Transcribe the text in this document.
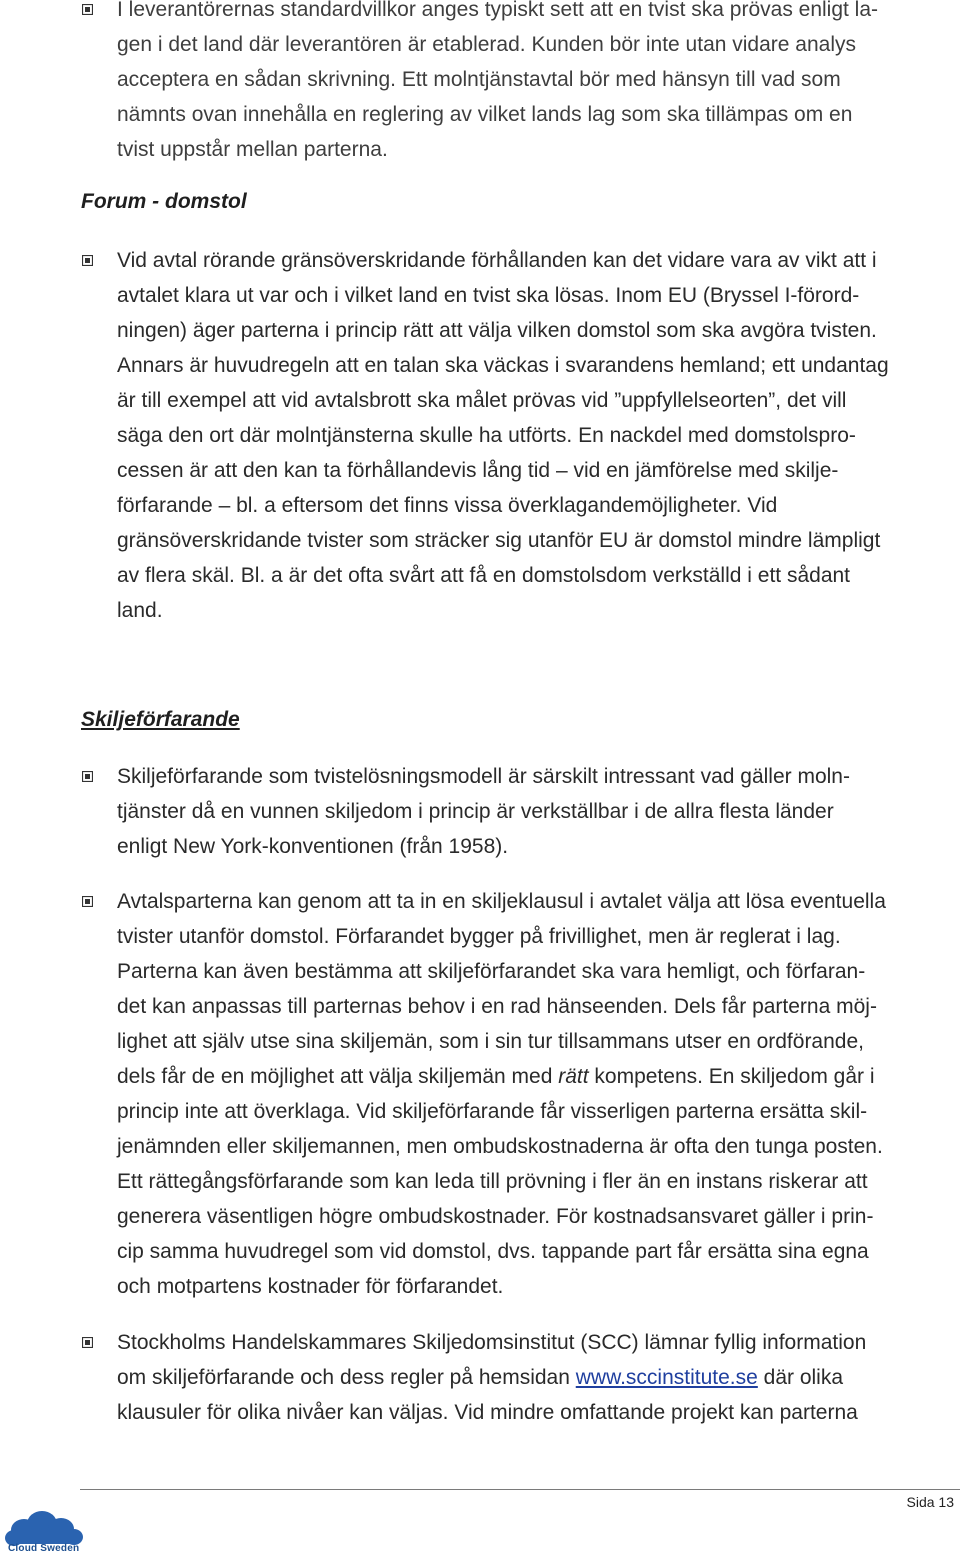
I leverantörernas standardvillkor anges typiskt sett att en tvist ska prövas enligt la-
gen i det land där leverantören är etablerad. Kunden bör inte utan vidare analys
acceptera en sådan skrivning. Ett molntjänstavtal bör med hänsyn till vad som
nämnts ovan innehålla en reglering av vilket lands lag som ska tillämpas om en
tvist uppstår mellan parterna.
Forum - domstol
Vid avtal rörande gränsöverskridande förhållanden kan det vidare vara av vikt att i
avtalet klara ut var och i vilket land en tvist ska lösas. Inom EU (Bryssel I-förord-
ningen) äger parterna i princip rätt att välja vilken domstol som ska avgöra tvisten.
Annars är huvudregeln att en talan ska väckas i svarandens hemland; ett undantag
är till exempel att vid avtalsbrott ska målet prövas vid ”uppfyllelseorten”, det vill
säga den ort där molntjänsterna skulle ha utförts. En nackdel med domstolspro-
cessen är att den kan ta förhållandevis lång tid – vid en jämförelse med skilje-
förfarande – bl. a eftersom det finns vissa överklagandemöjligheter. Vid
gränsöverskridande tvister som sträcker sig utanför EU är domstol mindre lämpligt
av flera skäl. Bl. a är det ofta svårt att få en domstolsdom verkställd i ett sådant
land.
Skiljeförfarande
Skiljeförfarande som tvistelösningsmodell är särskilt intressant vad gäller moln-
tjänster då en vunnen skiljedom i princip är verkställbar i de allra flesta länder
enligt New York-konventionen (från 1958).
Avtalsparterna kan genom att ta in en skiljeklausul i avtalet välja att lösa eventuella
tvister utanför domstol. Förfarandet bygger på frivillighet, men är reglerat i lag.
Parterna kan även bestämma att skiljeförfarandet ska vara hemligt, och förfaran-
det kan anpassas till parternas behov i en rad hänseenden. Dels får parterna möj-
lighet att själv utse sina skiljemän, som i sin tur tillsammans utser en ordförande,
dels får de en möjlighet att välja skiljemän med rätt kompetens. En skiljedom går i
princip inte att överklaga. Vid skiljeförfarande får visserligen parterna ersätta skil-
jenämnden eller skiljemannen, men ombudskostnaderna är ofta den tunga posten.
Ett rättegångsförfarande som kan leda till prövning i fler än en instans riskerar att
generera väsentligen högre ombudskostnader. För kostnadsansvaret gäller i prin-
cip samma huvudregel som vid domstol, dvs. tappande part får ersätta sina egna
och motpartens kostnader för förfarandet.
Stockholms Handelskammares Skiljedomsinstitut (SCC) lämnar fyllig information
om skiljeförfarande och dess regler på hemsidan www.sccinstitute.se där olika
klausuler för olika nivåer kan väljas. Vid mindre omfattande projekt kan parterna
Sida 13
Cloud Sweden
